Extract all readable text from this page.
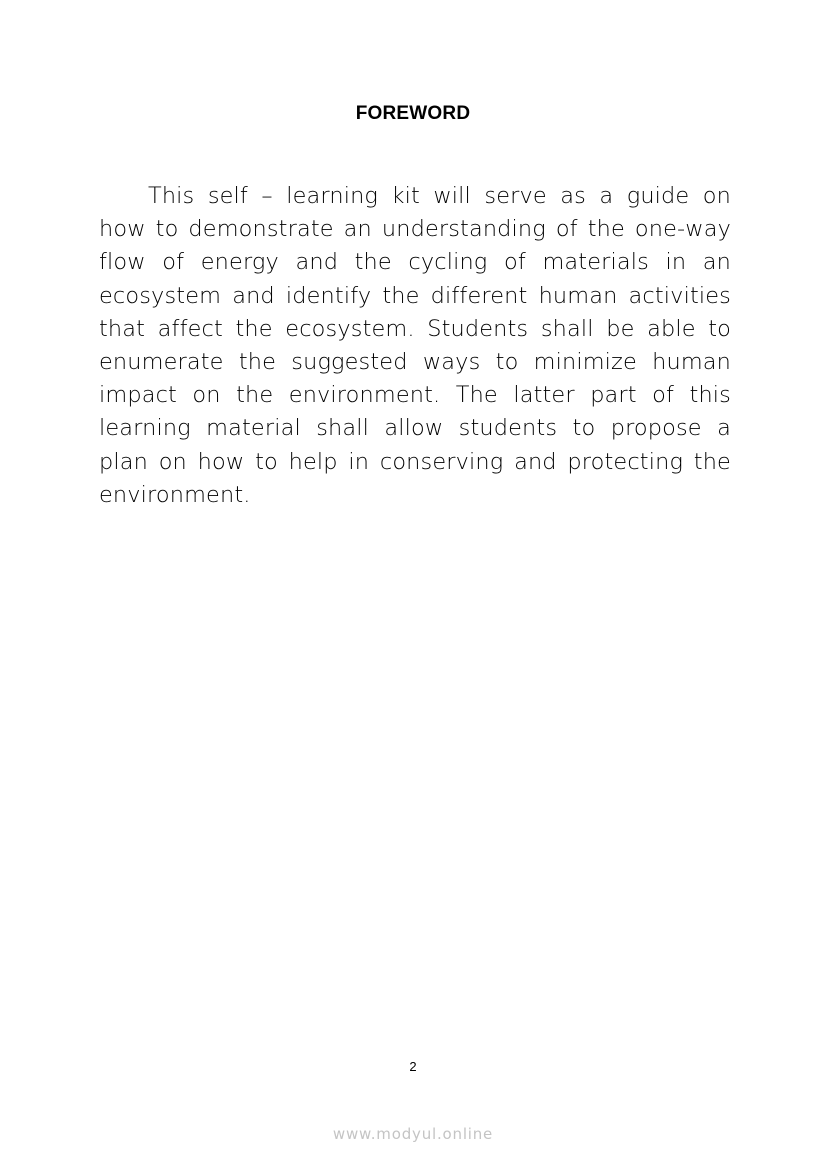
FOREWORD

This self – learning kit will serve as a guide on how to demonstrate an understanding of the one-way flow of energy and the cycling of materials in an ecosystem and identify the different human activities that affect the ecosystem. Students shall be able to enumerate the suggested ways to minimize human impact on the environment. The latter part of this learning material shall allow students to propose a plan on how to help in conserving and protecting the environment.

2
www.modyul.online
